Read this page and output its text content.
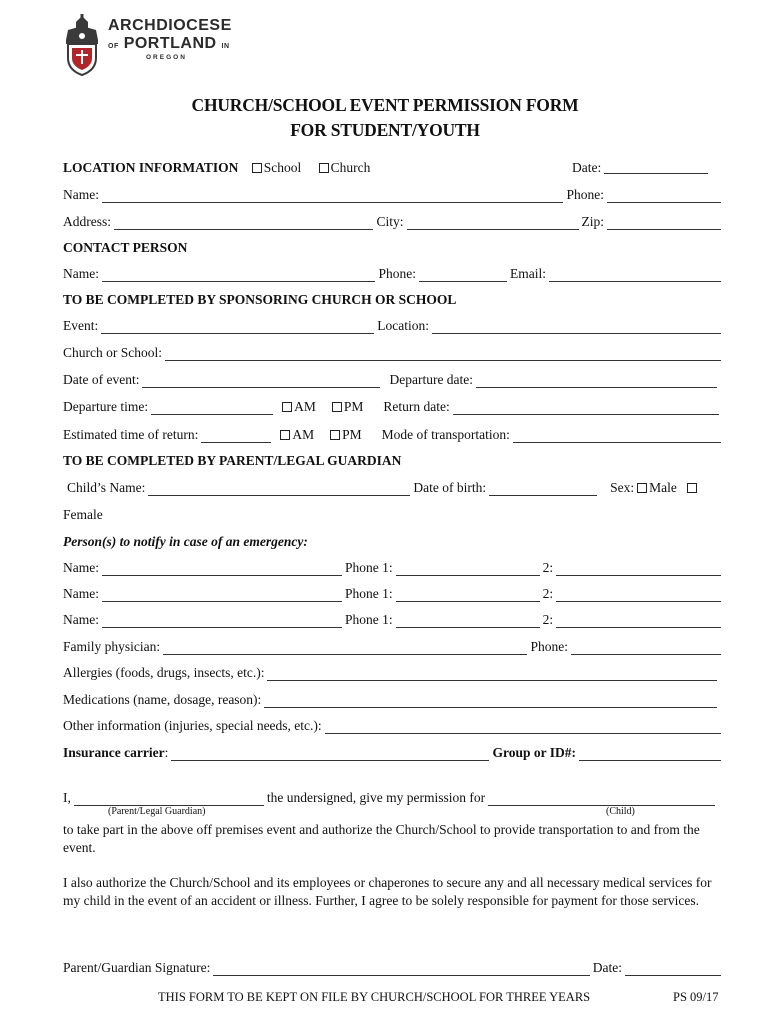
ARCHDIOCESE
OF PORTLAND IN
OREGON
CHURCH/SCHOOL EVENT PERMISSION FORM
FOR STUDENT/YOUTH
LOCATION INFORMATION School Church	Date:
Name:	Phone:
Address:	City:	Zip:
CONTACT PERSON
Name:	Phone:	Email:
TO BE COMPLETED BY SPONSORING CHURCH OR SCHOOL
Event:	Location:
Church or School:
Date of event:	Departure date:
Departure time:	AM	PM Return date:
Estimated time of return:	AM	PM Mode of transportation:
TO BE COMPLETED BY PARENT/LEGAL GUARDIAN
Child’s Name:	Date of birth:	Sex:	Male
Female
Person(s) to notify in case of an emergency:
Name:	Phone 1:	2:
Name:	Phone 1:	2:
Name:	Phone 1:	2:
Family physician:	Phone:
Allergies (foods, drugs, insects, etc.):
Medications (name, dosage, reason):
Other information (injuries, special needs, etc.):
Insurance carrier :	Group or ID#:
I,	the undersigned, give my permission for
(Parent/Legal Guardian)	(Child)
to take part in the above off premises event and authorize the Church/School to provide transportation to and from the event.
I also authorize the Church/School and its employees or chaperones to secure any and all necessary medical services for my child in the event of an accident or illness. Further, I agree to be solely responsible for payment for those services.
Parent/Guardian Signature:	Date:
THIS FORM TO BE KEPT ON FILE BY CHURCH/SCHOOL FOR THREE YEARS	PS 09/17
